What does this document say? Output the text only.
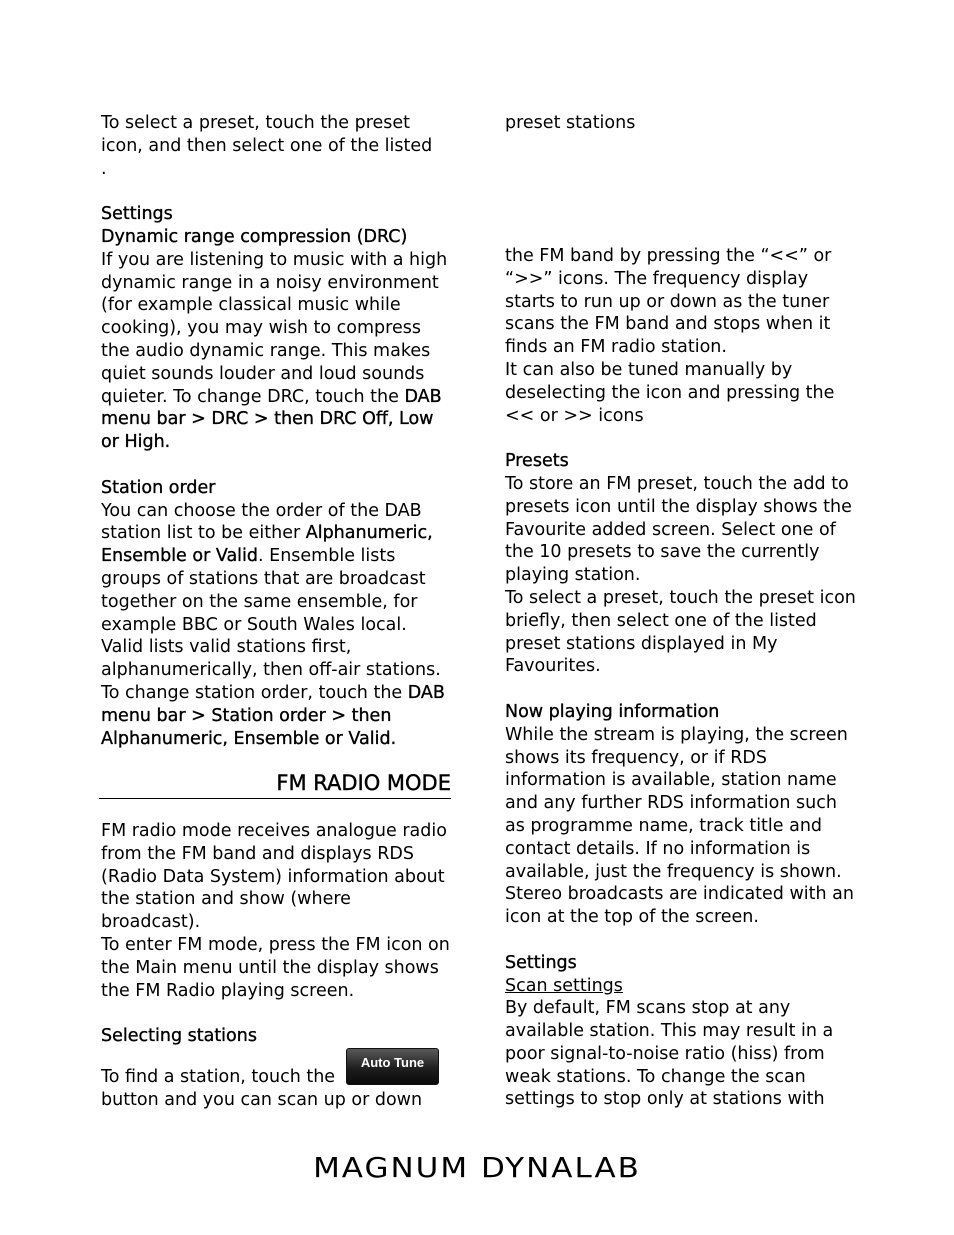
To select a preset, touch the preset icon, and then select one of the listed

.

Settings

Dynamic range compression (DRC)

If you are listening to music with a high dynamic range in a noisy environment (for example classical music while cooking), you may wish to compress the audio dynamic range. This makes quiet sounds louder and loud sounds quieter. To change DRC, touch the DAB menu bar > DRC > then DRC Off, Low or High.

Station order

You can choose the order of the DAB station list to be either Alphanumeric, Ensemble or Valid. Ensemble lists groups of stations that are broadcast together on the same ensemble, for example BBC or South Wales local. Valid lists valid stations first, alphanumerically, then off-air stations. To change station order, touch the DAB menu bar > Station order > then Alphanumeric, Ensemble or Valid.

FM RADIO MODE

FM radio mode receives analogue radio from the FM band and displays RDS (Radio Data System) information about the station and show (where broadcast).

To enter FM mode, press the FM icon on the Main menu until the display shows the FM Radio playing screen.

Selecting stations

To find a station, touch the

button and you can scan up or down

Auto Tune

preset stations

the FM band by pressing the “<<” or “>>” icons. The frequency display starts to run up or down as the tuner scans the FM band and stops when it finds an FM radio station.

It can also be tuned manually by deselecting the icon and pressing the << or >> icons

Presets

To store an FM preset, touch the add to presets icon until the display shows the Favourite added screen. Select one of the 10 presets to save the currently playing station.

To select a preset, touch the preset icon briefly, then select one of the listed preset stations displayed in My Favourites.

Now playing information

While the stream is playing, the screen shows its frequency, or if RDS information is available, station name and any further RDS information such as programme name, track title and contact details. If no information is available, just the frequency is shown. Stereo broadcasts are indicated with an icon at the top of the screen.

Settings

Scan settings

By default, FM scans stop at any available station. This may result in a poor signal-to-noise ratio (hiss) from weak stations. To change the scan settings to stop only at stations with

MAGNUM DYNALAB
